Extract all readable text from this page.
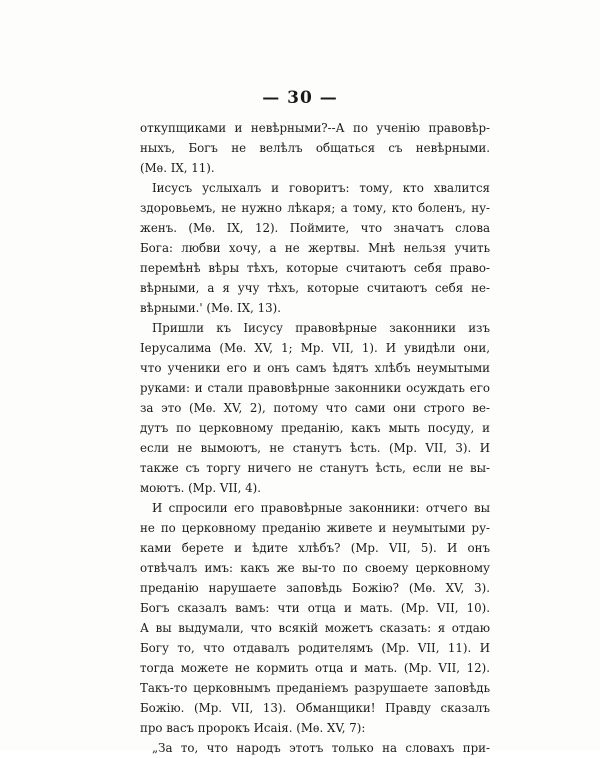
— 30 —
откупщиками и невѣрными?--А по ученію правовѣр-
ныхъ, Богъ не велѣлъ общаться съ невѣрными.
(Мѳ. IX, 11).
Іисусъ услыхалъ и говоритъ: тому, кто хвалится
здоровьемъ, не нужно лѣкаря; а тому, кто боленъ, ну-
женъ. (Мѳ. IX, 12). Поймите, что значатъ слова
Бога: любви хочу, а не жертвы. Мнѣ нельзя учить
перемѣнѣ вѣры тѣхъ, которые считаютъ себя право-
вѣрными, а я учу тѣхъ, которые считаютъ себя не-
вѣрными.' (Мѳ. IX, 13).
Пришли къ Іисусу правовѣрные законники изъ
Іерусалима (Мѳ. XV, 1; Мр. VII, 1). И увидѣли они,
что ученики его и онъ самъ ѣдятъ хлѣбъ неумытыми
руками: и стали правовѣрные законники осуждать его
за это (Мѳ. XV, 2), потому что сами они строго ве-
дутъ по церковному преданію, какъ мыть посуду, и
если не вымоютъ, не станутъ ѣсть. (Мр. VII, 3). И
также съ торгу ничего не станутъ ѣсть, если не вы-
моютъ. (Мр. VII, 4).
И спросили его правовѣрные законники: отчего вы
не по церковному преданію живете и неумытыми ру-
ками берете и ѣдите хлѣбъ? (Мр. VII, 5). И онъ
отвѣчалъ имъ: какъ же вы-то по своему церковному
преданію нарушаете заповѣдь Божію? (Мѳ. XV, 3).
Богъ сказалъ вамъ: чти отца и мать. (Мр. VII, 10).
А вы выдумали, что всякій можетъ сказать: я отдаю
Богу то, что отдавалъ родителямъ (Мр. VII, 11). И
тогда можете не кормить отца и мать. (Мр. VII, 12).
Такъ-то церковнымъ преданіемъ разрушаете заповѣдь
Божію. (Мр. VII, 13). Обманщики! Правду сказалъ
про васъ пророкъ Исаія. (Мѳ. XV, 7):
„За то, что народъ этотъ только на словахъ при-
